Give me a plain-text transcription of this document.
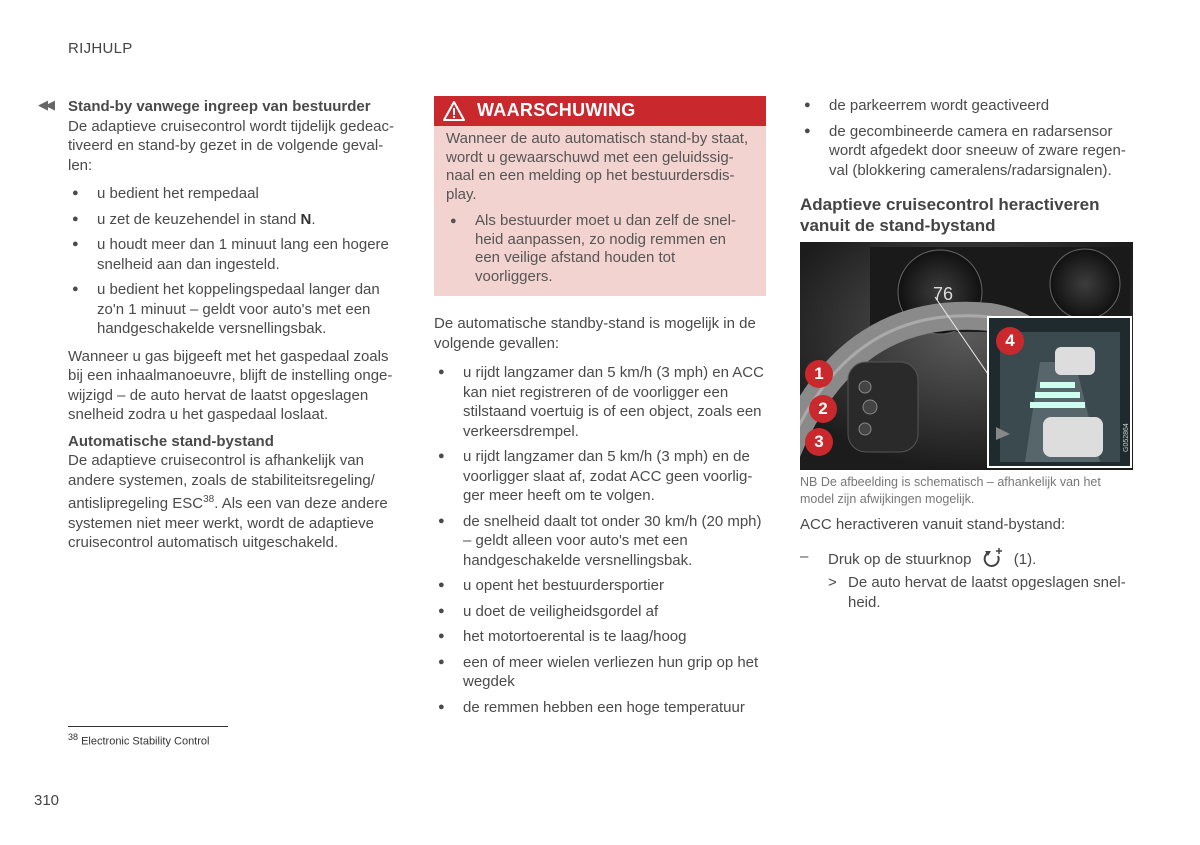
RIJHULP
◀◀ Stand-by vanwege ingreep van bestuurder

De adaptieve cruisecontrol wordt tijdelijk gedeac-tiveerd en stand-by gezet in de volgende geval-len:

● u bedient het rempedaal
● u zet de keuzehendel in stand N.
● u houdt meer dan 1 minuut lang een hogere snelheid aan dan ingesteld.
● u bedient het koppelingspedaal langer dan zo'n 1 minuut – geldt voor auto's met een handgeschakelde versnellingsbak.

Wanneer u gas bijgeeft met het gaspedaal zoals bij een inhaalmanoeuvre, blijft de instelling onge-wijzigd – de auto hervat de laatst opgeslagen snelheid zodra u het gaspedaal loslaat.

Automatische stand-bystand

De adaptieve cruisecontrol is afhankelijk van andere systemen, zoals de stabiliteitsregeling/ antislipregeling ESC$^{38}$. Als een van deze andere systemen niet meer werkt, wordt de adaptieve cruisecontrol automatisch uitgeschakeld.

WAARSCHUWING

Wanneer de auto automatisch stand-by staat, wordt u gewaarschuwd met een geluidssig-naal en een melding op het bestuurdersdis-play.

● Als bestuurder moet u dan zelf de snel-heid aanpassen, zo nodig remmen en een veilige afstand houden tot voorliggers.

De automatische standby-stand is mogelijk in de volgende gevallen:

● u rijdt langzamer dan 5 km/h (3 mph) en ACC kan niet registreren of de voorligger een stilstaand voertuig is of een object, zoals een verkeersdrempel.
● u rijdt langzamer dan 5 km/h (3 mph) en de voorligger slaat af, zodat ACC geen voorlig-ger meer heeft om te volgen.
● de snelheid daalt tot onder 30 km/h (20 mph) – geldt alleen voor auto's met een handgeschakelde versnellingsbak.
● u opent het bestuurdersportier
● u doet de veiligheidsgordel af
● het motortoerental is te laag/hoog
● een of meer wielen verliezen hun grip op het wegdek
● de remmen hebben een hoge temperatuur
● de parkeerrem wordt geactiveerd
● de gecombineerde camera en radarsensor wordt afgedekt door sneeuw of zware regen-val (blokkering cameralens/radarsignalen).
Adaptieve cruisecontrol heractiveren vanuit de stand-bystand
76
G052864
1
2
3
4
NB De afbeelding is schematisch – afhankelijk van het model zijn afwijkingen mogelijk.

ACC heractiveren vanuit stand-bystand:

– Druk op de stuurknop	(1).
> De auto hervat de laatst opgeslagen snel-heid.
$^{38}$ Electronic Stability Control
310
